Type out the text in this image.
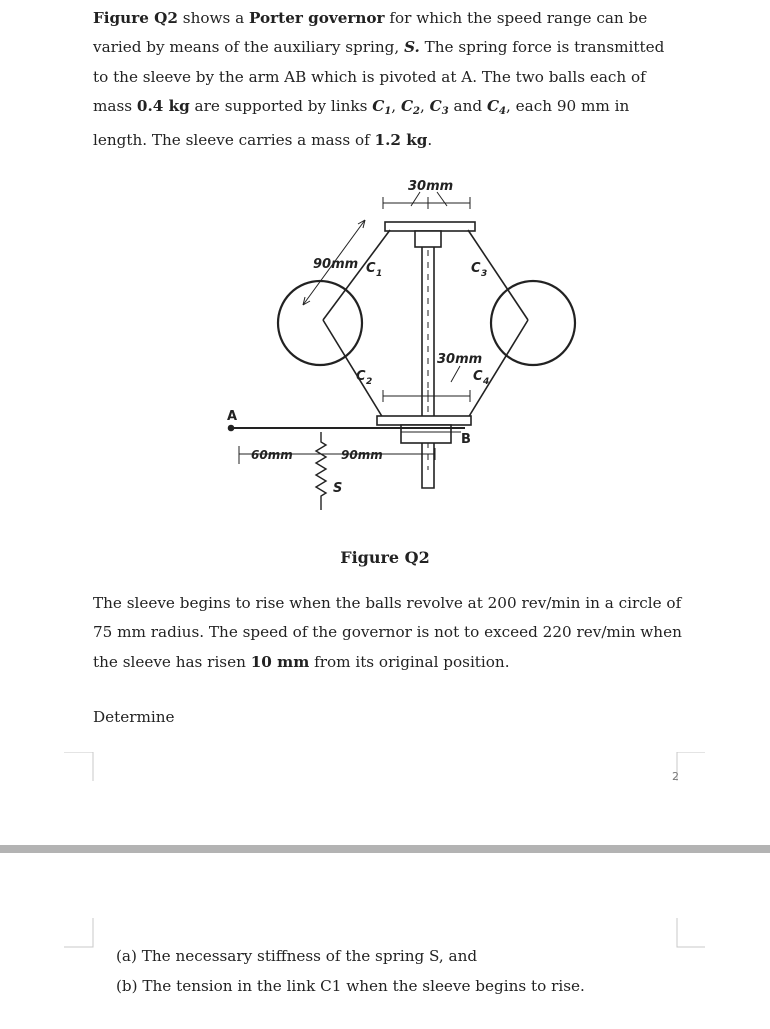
Figure Q2 shows a Porter governor for which the speed range can be varied by means of the auxiliary spring, S. The spring force is transmitted to the sleeve by the arm AB which is pivoted at A. The two balls each of mass 0.4 kg are supported by links $C_1$, $C_2$, $C_3$ and $C_4$, each 90 mm in length. The sleeve carries a mass of 1.2 kg.

30mm
90mm C 1	C 3
C 2
30mm
C 4
A
B
60mm	90mm
S

Figure Q2

The sleeve begins to rise when the balls revolve at 200 rev/min in a circle of 75 mm radius. The speed of the governor is not to exceed 220 rev/min when the sleeve has risen 10 mm from its original position.

Determine

2

(a) The necessary stiffness of the spring S, and

(b) The tension in the link C1 when the sleeve begins to rise.
